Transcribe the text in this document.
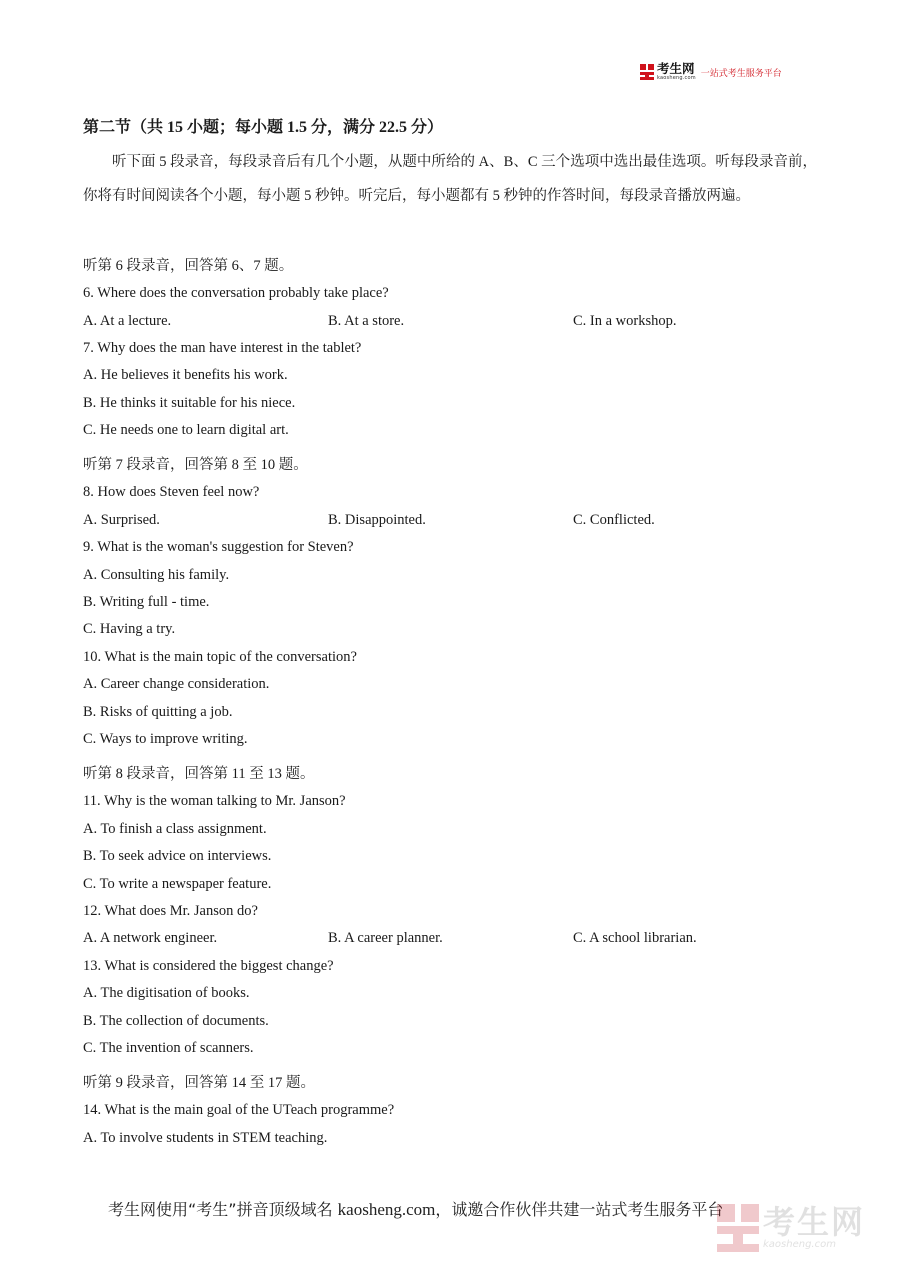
考生网
kaosheng.com 一站式考生服务平台
第二节（共 15 小题；每小题 1.5 分，满分 22.5 分）
听下面 5 段录音，每段录音后有几个小题，从题中所给的 A、B、C 三个选项中选出最佳选项。听每段录音前，你将有时间阅读各个小题，每小题 5 秒钟。听完后，每小题都有 5 秒钟的作答时间，每段录音播放两遍。
听第 6 段录音，回答第 6、7 题。
6. Where does the conversation probably take place?
A. At a lecture.	B. At a store.	C. In a workshop.
7. Why does the man have interest in the tablet?
A. He believes it benefits his work.
B. He thinks it suitable for his niece.
C. He needs one to learn digital art.
听第 7 段录音，回答第 8 至 10 题。
8. How does Steven feel now?
A. Surprised.	B. Disappointed.	C. Conflicted.
9. What is the woman's suggestion for Steven?
A. Consulting his family.
B. Writing full - time.
C. Having a try.
10. What is the main topic of the conversation?
A. Career change consideration.
B. Risks of quitting a job.
C. Ways to improve writing.
听第 8 段录音，回答第 11 至 13 题。
11. Why is the woman talking to Mr. Janson?
A. To finish a class assignment.
B. To seek advice on interviews.
C. To write a newspaper feature.
12. What does Mr. Janson do?
A. A network engineer.	B. A career planner.	C. A school librarian.
13. What is considered the biggest change?
A. The digitisation of books.
B. The collection of documents.
C. The invention of scanners.
听第 9 段录音，回答第 14 至 17 题。
14. What is the main goal of the UTeach programme?
A. To involve students in STEM teaching.
考生网使用“考生”拼音顶级域名 kaosheng.com，诚邀合作伙伴共建一站式考生服务平台 考生网
kaosheng.com
